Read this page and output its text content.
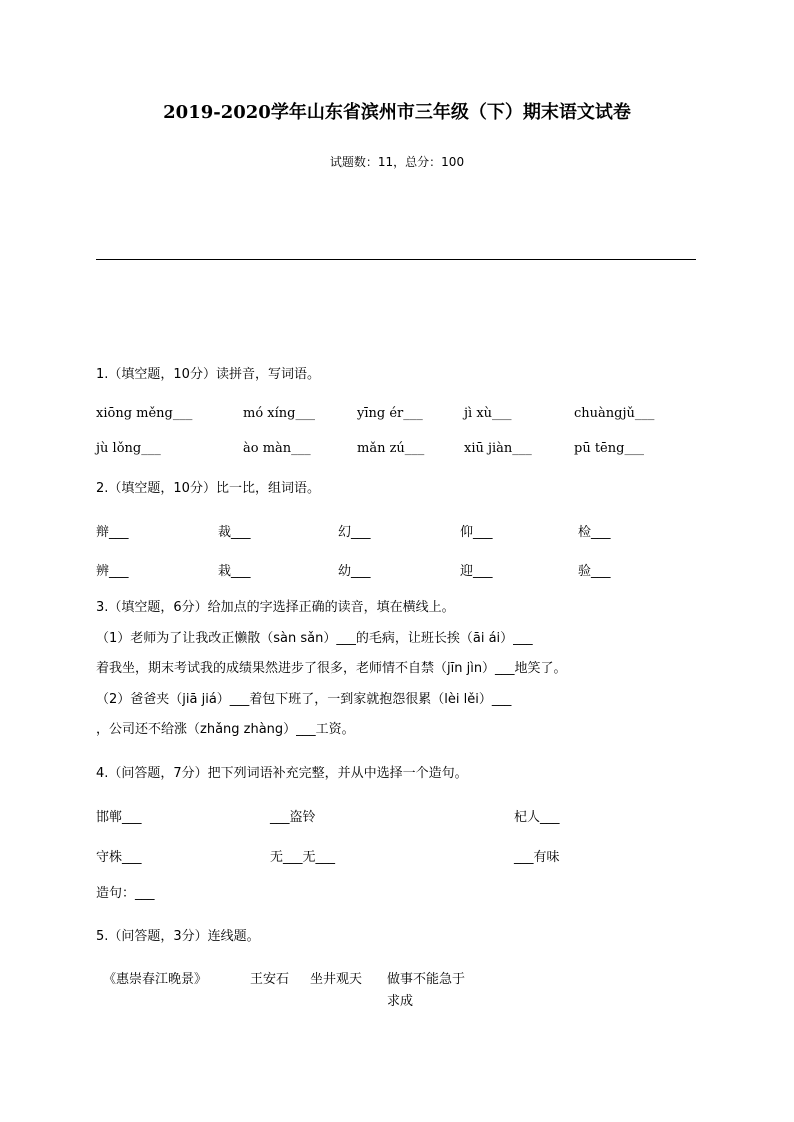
2019-2020学年山东省滨州市三年级（下）期末语文试卷
试题数：11，总分：100
1.（填空题，10分）读拼音，写词语。
xiōng měng___	mó xíng___	yīng ér___	jì xù___	chuàngjǔ___
jù lǒng___	ào màn___	mǎn zú___	xiū jiàn___	pū tēng___
2.（填空题，10分）比一比，组词语。
辩___	裁___	幻___	仰___	检___
辨___	栽___	幼___	迎___	验___
3.（填空题，6分）给加点的字选择正确的读音，填在横线上。
（1）老师为了让我改正懒散（sàn sǎn）___的毛病，让班长挨（āi ái）___
着我坐，期末考试我的成绩果然进步了很多，老师情不自禁（jīn jìn）___地笑了。
（2）爸爸夹（jiā jiá）___着包下班了，一到家就抱怨很累（lèi lěi）___
，公司还不给涨（zhǎng zhàng）___工资。
4.（问答题，7分）把下列词语补充完整，并从中选择一个造句。
邯郸___	___盗铃	杞人___
守株___	无___无___	___有味
造句：___
5.（问答题，3分）连线题。
《惠崇春江晚景》	王安石 坐井观天 做事不能急于
求成
